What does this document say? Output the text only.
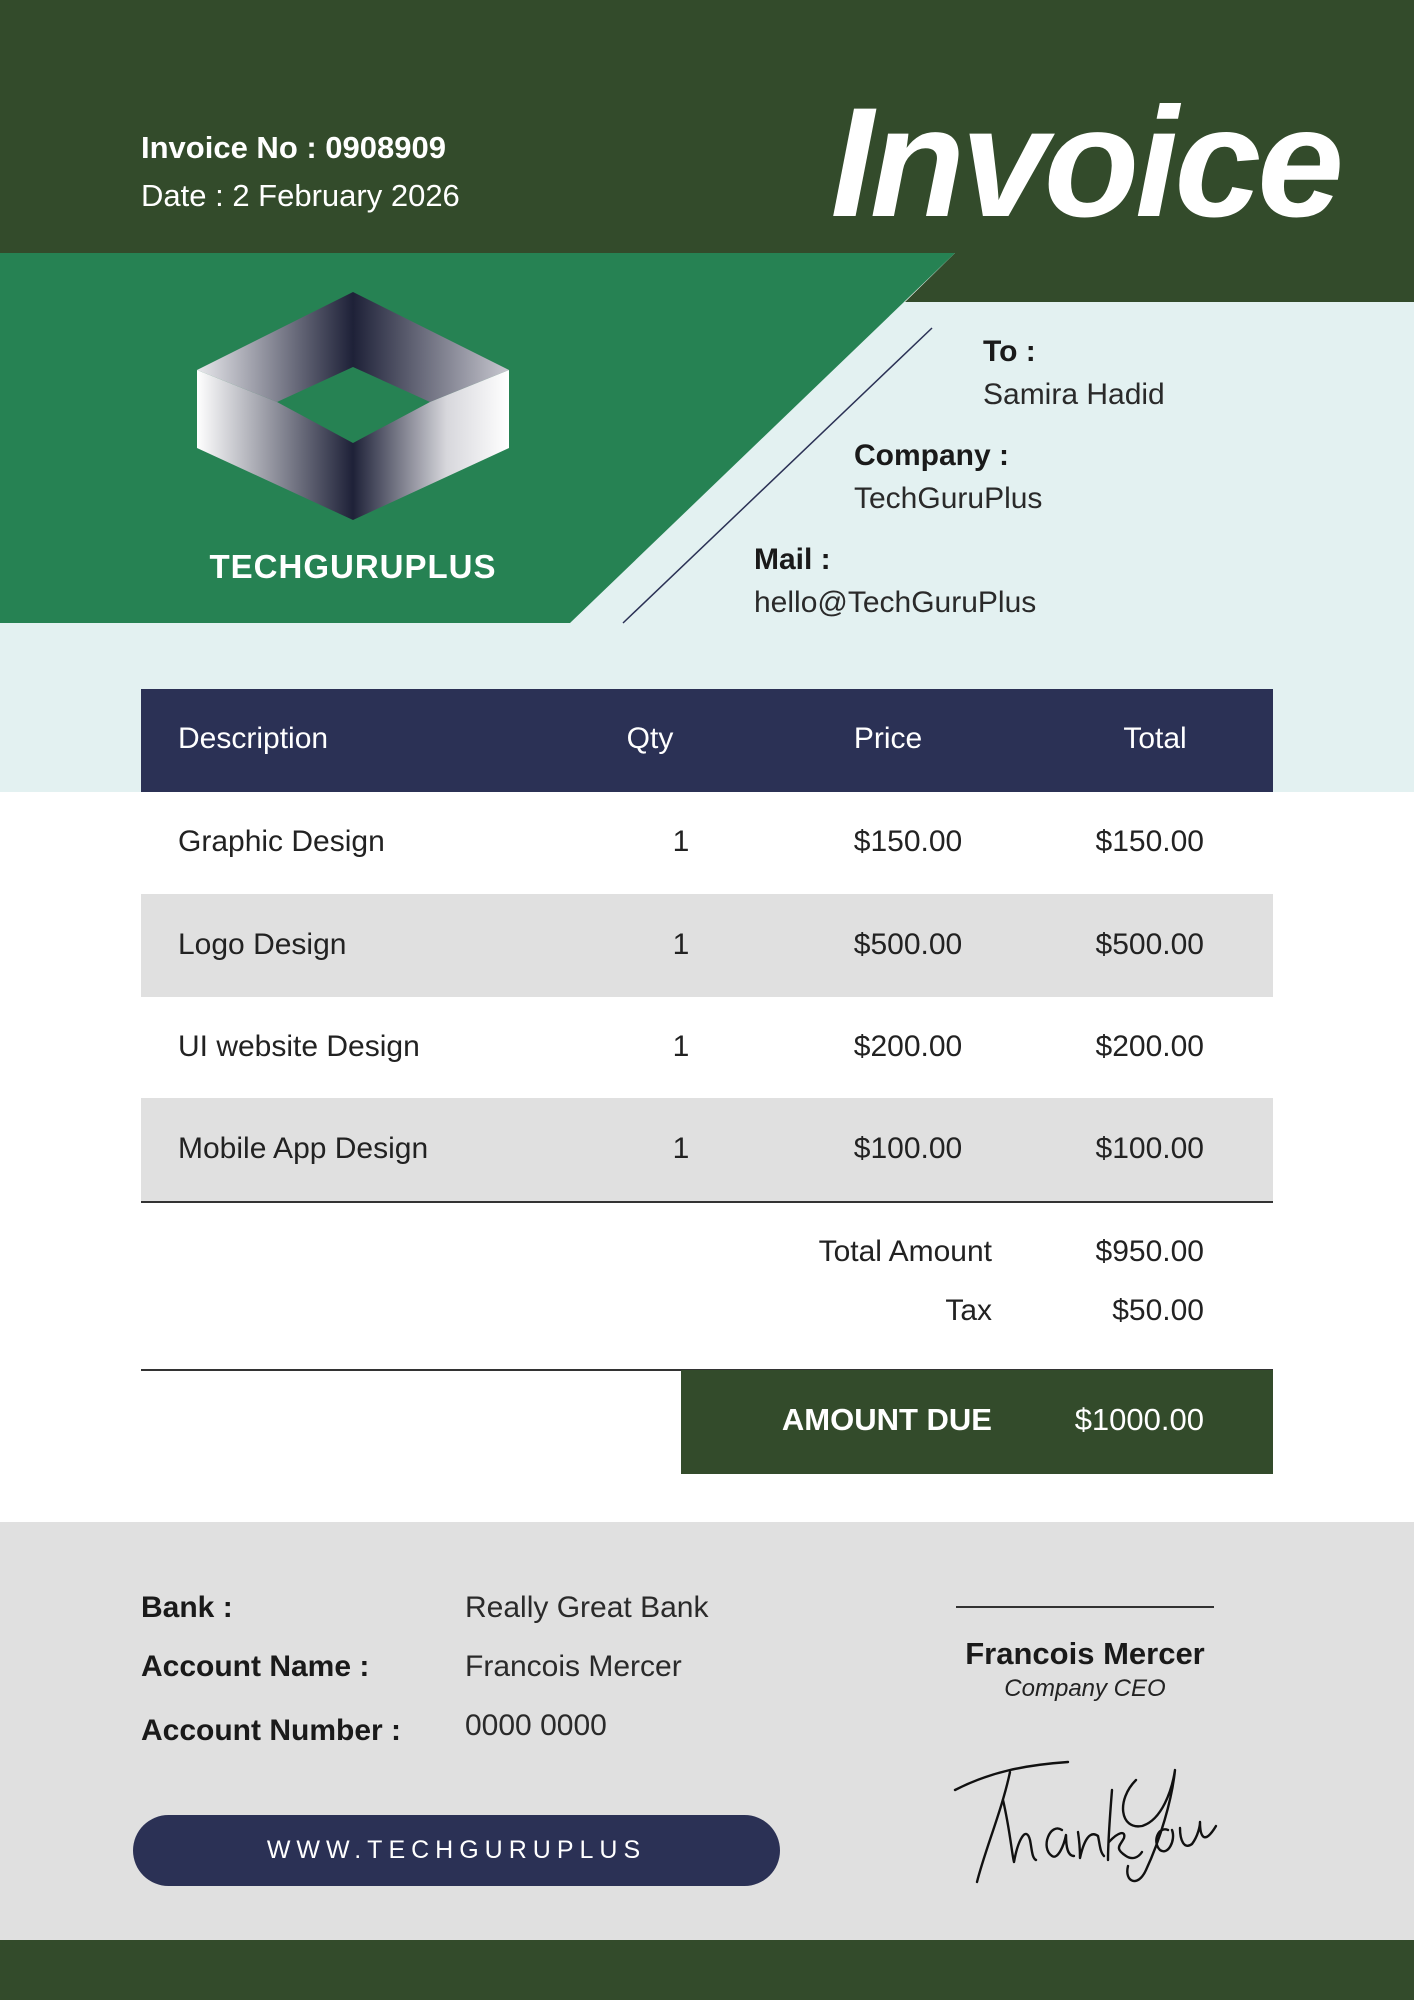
Invoice No : 0908909
Date : 2 February 2026	Invoice
TECHGURUPLUS
To :
Samira Hadid
Company :
TechGuruPlus
Mail :
hello@TechGuruPlus
Description	Qty	Price	Total
Graphic Design	1	$150.00	$150.00
Logo Design	1	$500.00	$500.00
UI website Design	1	$200.00	$200.00
Mobile App Design	1	$100.00	$100.00
Total Amount	$950.00
Tax	$50.00
AMOUNT DUE	$1000.00
Bank :	Really Great Bank
Account Name :	Francois Mercer
Account Number :	0000 0000
WWW.TECHGURUPLUS
Francois Mercer
Company CEO
